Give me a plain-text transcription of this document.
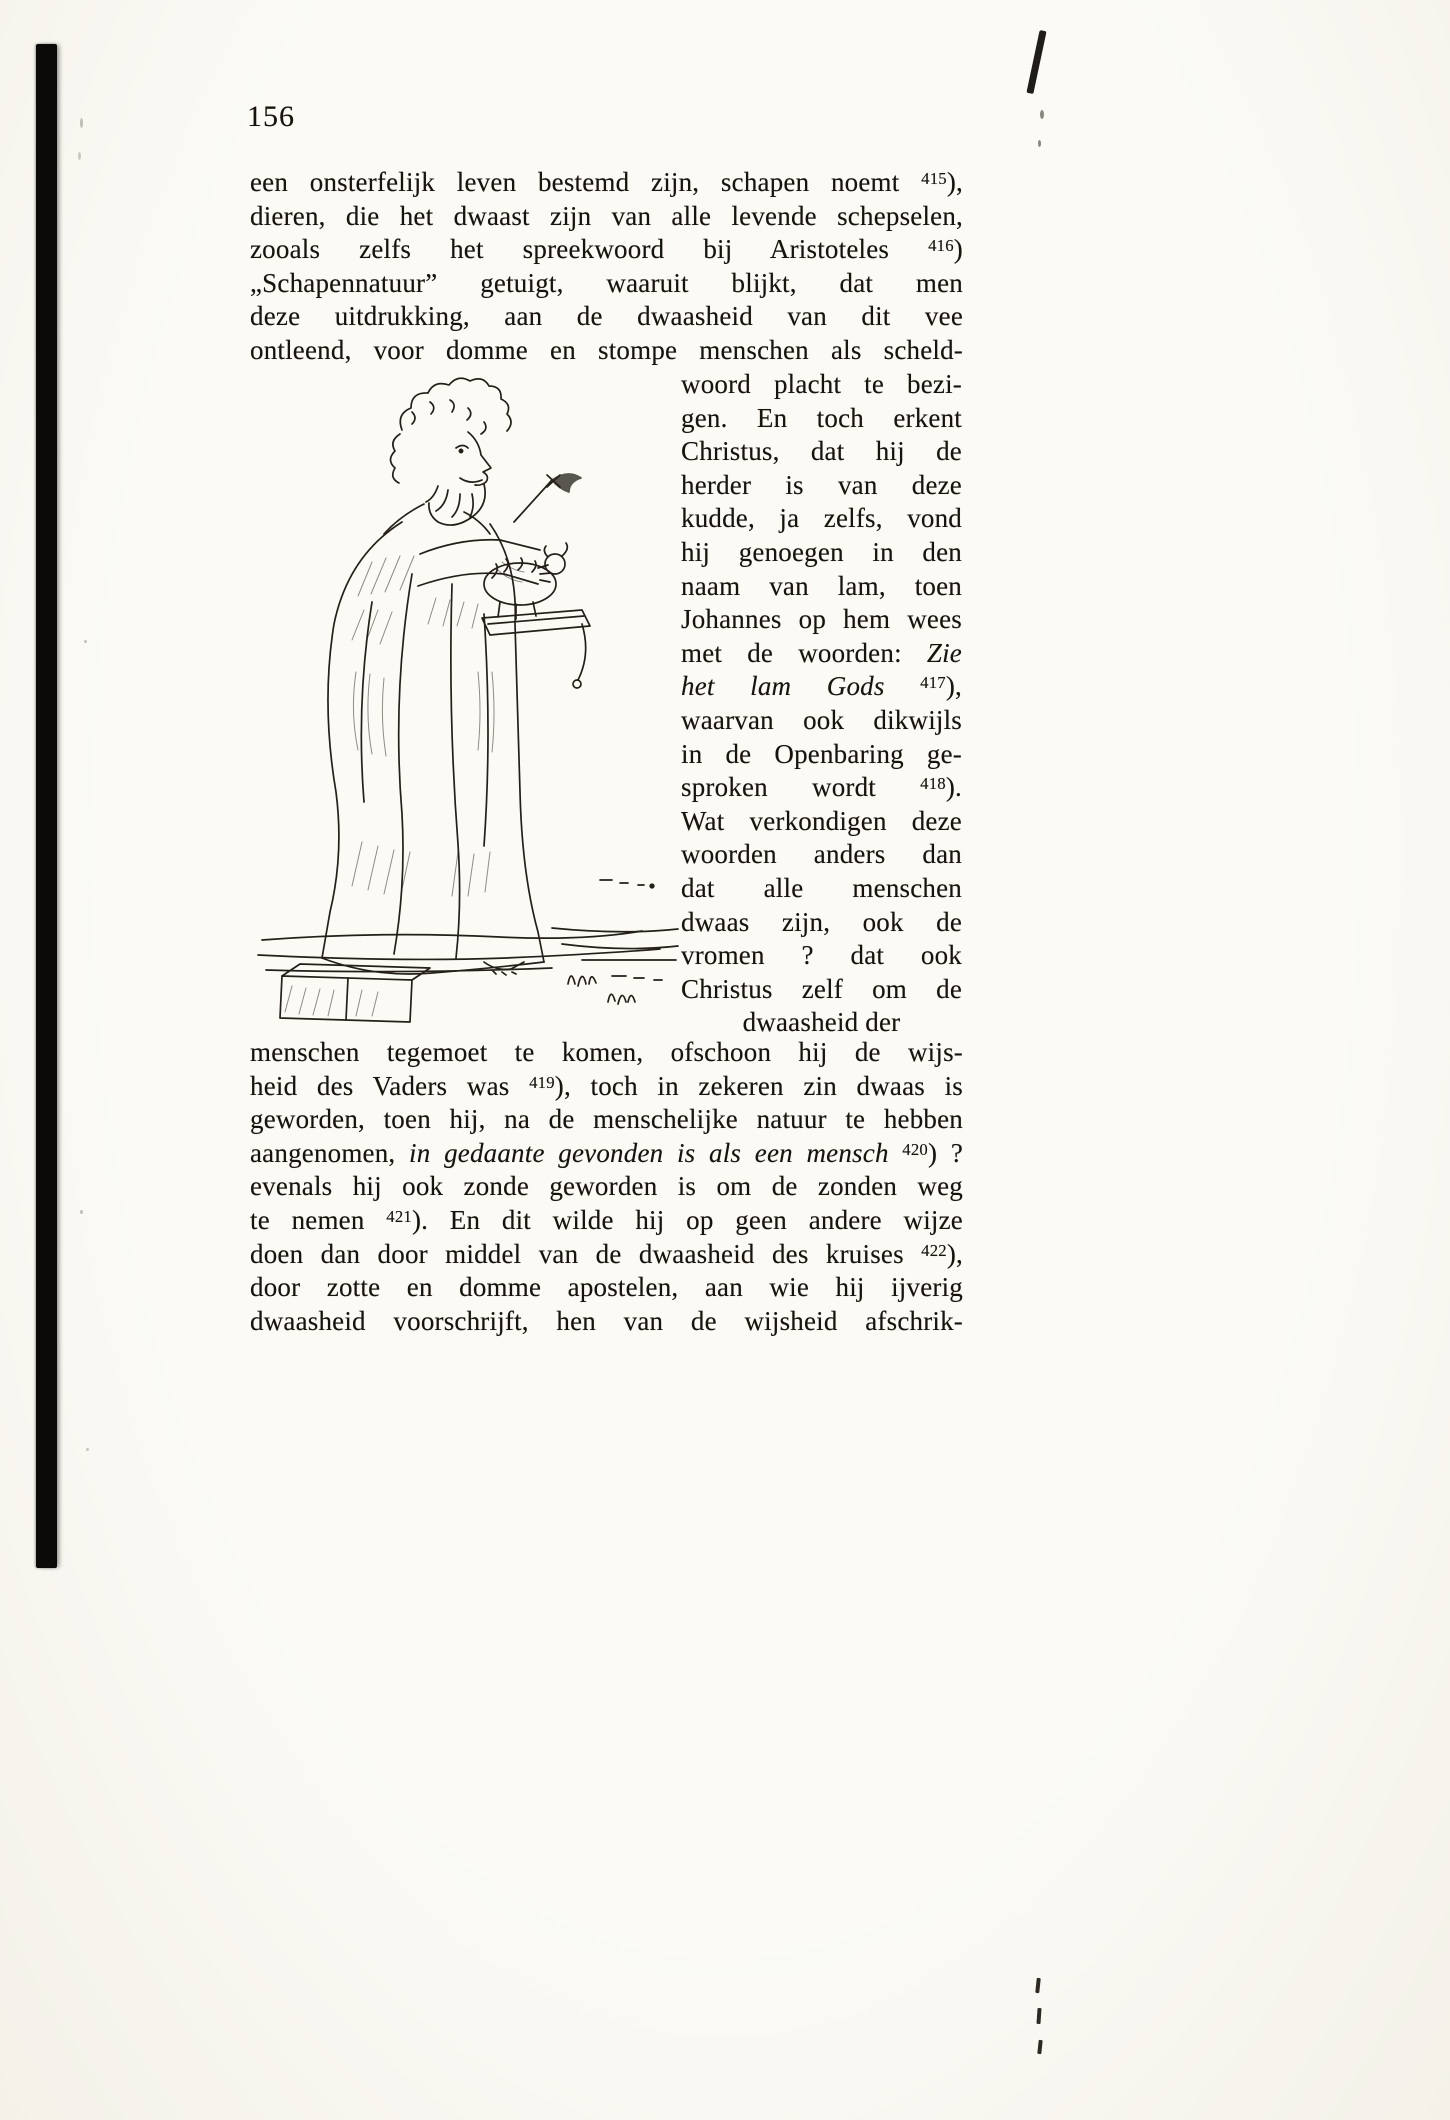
156
een onsterfelijk leven bestemd zijn, schapen noemt $^{415}$),
dieren, die het dwaast zijn van alle levende schepselen,
zooals zelfs het spreekwoord bij Aristoteles $^{416}$)
„Schapennatuur” getuigt, waaruit blijkt, dat men
deze uitdrukking, aan de dwaasheid van dit vee
ontleend, voor domme en stompe menschen als scheld-
woord placht te bezi-
gen. En toch erkent
Christus, dat hij de
herder is van deze
kudde, ja zelfs, vond
hij genoegen in den
naam van lam, toen
Johannes op hem wees
met de woorden: Zie
het lam Gods $^{417}$),
waarvan ook dikwijls
in de Openbaring ge-
sproken wordt $^{418}$).
Wat verkondigen deze
woorden anders dan
dat alle menschen
dwaas zijn, ook de
vromen ? dat ook
Christus zelf om de
dwaasheid der
menschen tegemoet te komen, ofschoon hij de wijs-
heid des Vaders was $^{419}$), toch in zekeren zin dwaas is
geworden, toen hij, na de menschelijke natuur te hebben
aangenomen, in gedaante gevonden is als een mensch $^{420}$) ?
evenals hij ook zonde geworden is om de zonden weg
te nemen $^{421}$). En dit wilde hij op geen andere wijze
doen dan door middel van de dwaasheid des kruises $^{422}$),
door zotte en domme apostelen, aan wie hij ijverig
dwaasheid voorschrijft, hen van de wijsheid afschrik-
